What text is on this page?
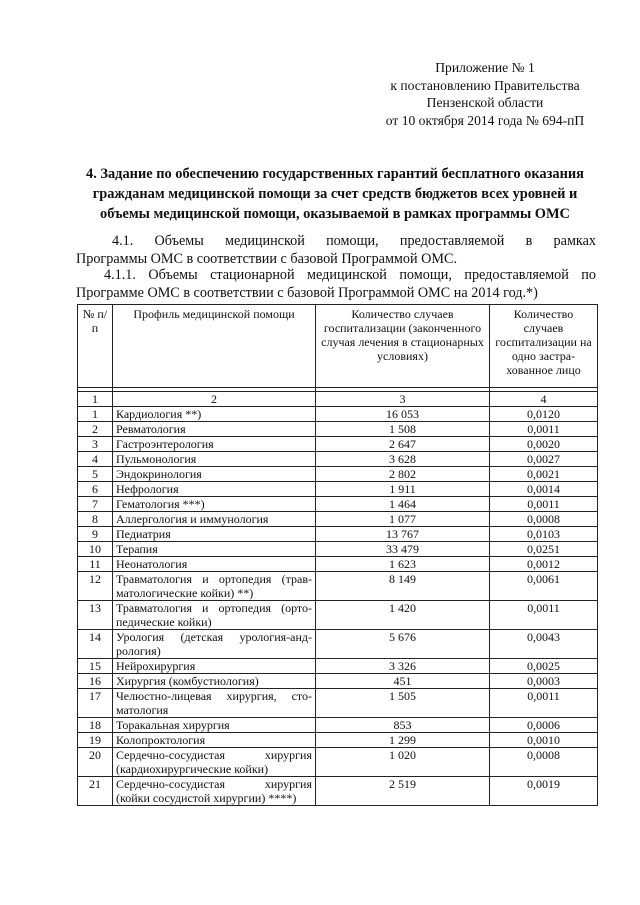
Приложение № 1
к постановлению Правительства
Пензенской области
от 10 октября 2014 года № 694-пП
4. Задание по обеспечению государственных гарантий бесплатного оказания
гражданам медицинской помощи за счет средств бюджетов всех уровней и
объемы медицинской помощи, оказываемой в рамках программы ОМС
4.1. Объемы медицинской помощи, предоставляемой в рамках
Программы ОМС в соответствии с базовой Программой ОМС.
4.1.1. Объемы стационарной медицинской помощи, предоставляемой по Программе ОМС в соответствии с базовой Программой ОМС на 2014 год.*)
№ п/п	Профиль медицинской помощи	Количество случаев госпитализации (законченного случая лечения в стационарных условиях)	Количество случаев госпитализации на одно застра-хованное лицо

1	2	3	4
1	Кардиология **)	16 053	0,0120
2	Ревматология	1 508	0,0011
3	Гастроэнтерология	2 647	0,0020
4	Пульмонология	3 628	0,0027
5	Эндокринология	2 802	0,0021
6	Нефрология	1 911	0,0014
7	Гематология ***)	1 464	0,0011
8	Аллергология и иммунология	1 077	0,0008
9	Педиатрия	13 767	0,0103
10	Терапия	33 479	0,0251
11	Неонатология	1 623	0,0012
12	Травматология и ортопедия (трав-матологические койки) **)	8 149	0,0061
13	Травматология и ортопедия (орто-педические койки)	1 420	0,0011
14	Урология (детская урология-анд-рология)	5 676	0,0043
15	Нейрохирургия	3 326	0,0025
16	Хирургия (комбустиология)	451	0,0003
17	Челюстно-лицевая хирургия, сто-матология	1 505	0,0011
18	Торакальная хирургия	853	0,0006
19	Колопроктология	1 299	0,0010
20	Сердечно-сосудистая хирургия (кардиохирургические койки)	1 020	0,0008
21	Сердечно-сосудистая хирургия (койки сосудистой хирургии) ****)	2 519	0,0019
